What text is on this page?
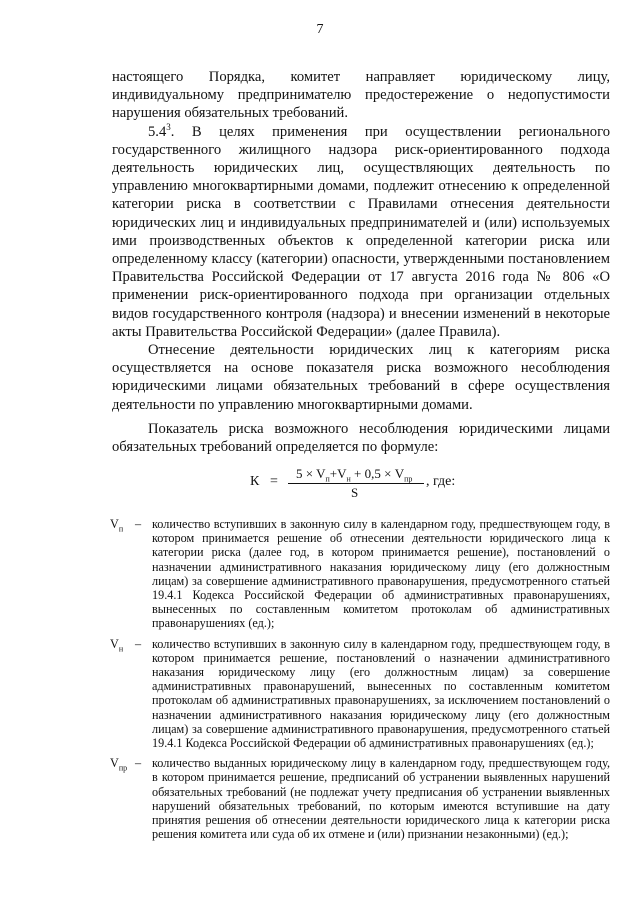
7

настоящего Порядка, комитет направляет юридическому лицу, индивидуальному предпринимателю предостережение о недопустимости нарушения обязательных требований.

$5.4^3$. В целях применения при осуществлении регионального государственного жилищного надзора риск-ориентированного подхода деятельность юридических лиц, осуществляющих деятельность по управлению многоквартирными домами, подлежит отнесению к определенной категории риска в соответствии с Правилами отнесения деятельности юридических лиц и индивидуальных предпринимателей и (или) используемых ими производственных объектов к определенной категории риска или определенному классу (категории) опасности, утвержденными постановлением Правительства Российской Федерации от 17 августа 2016 года № 806 «О применении риск-ориентированного подхода при организации отдельных видов государственного контроля (надзора) и внесении изменений в некоторые акты Правительства Российской Федерации» (далее Правила).

Отнесение деятельности юридических лиц к категориям риска осуществляется на основе показателя риска возможного несоблюдения юридическими лицами обязательных требований в сфере осуществления деятельности по управлению многоквартирными домами.

Показатель риска возможного несоблюдения юридическими лицами обязательных требований определяется по формуле:

К =
$5 \times V_п+V_н + 0,5 \times V_{пр}$
S
, где:
$V_п$ – количество вступивших в законную силу в календарном году, предшествующем году, в котором принимается решение об отнесении деятельности юридического лица к категории риска (далее год, в котором принимается решение), постановлений о назначении административного наказания юридическому лицу (его должностным лицам) за совершение административного правонарушения, предусмотренного статьей 19.4.1 Кодекса Российской Федерации об административных правонарушениях, вынесенных по составленным комитетом протоколам об административных правонарушениях (ед.);
$V_н$ – количество вступивших в законную силу в календарном году, предшествующем году, в котором принимается решение, постановлений о назначении административного наказания юридическому лицу (его должностным лицам) за совершение административных правонарушений, вынесенных по составленным комитетом протоколам об административных правонарушениях, за исключением постановлений о назначении административного наказания юридическому лицу (его должностным лицам) за совершение административного правонарушения, предусмотренного статьей 19.4.1 Кодекса Российской Федерации об административных правонарушениях (ед.);
$V_{пр}$ – количество выданных юридическому лицу в календарном году, предшествующем году, в котором принимается решение, предписаний об устранении выявленных нарушений обязательных требований (не подлежат учету предписания об устранении выявленных нарушений обязательных требований, по которым имеются вступившие на дату принятия решения об отнесении деятельности юридического лица к категории риска решения комитета или суда об их отмене и (или) признании незаконными) (ед.);
